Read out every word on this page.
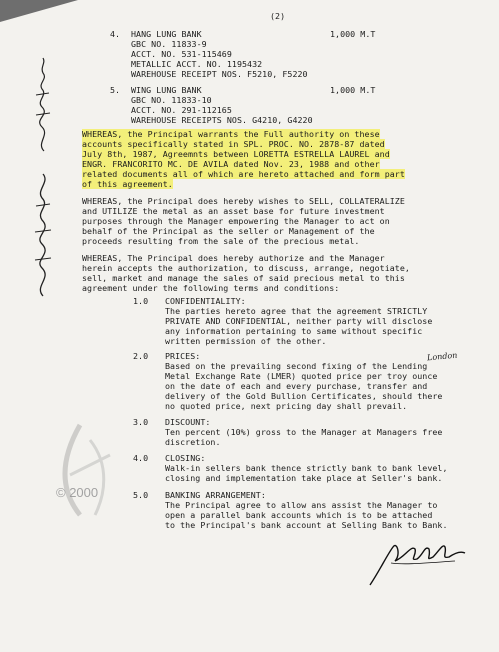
(2)

4. HANG LUNG BANK	1,000 M.T

GBC NO. 11833-9

ACCT. NO. 531-115469

METALLIC ACCT. NO. 1195432

WAREHOUSE RECEIPT NOS. F5210, F5220

5. WING LUNG BANK	1,000 M.T

GBC NO. 11833-10

ACCT. NO. 291-112165

WAREHOUSE RECEIPTS NOS. G4210, G4220

WHEREAS, the Principal warrants the Full authority on these

accounts specifically stated in SPL. PROC. NO. 2878-87 dated

July 8th, 1987, Agreemnts between LORETTA ESTRELLA LAUREL and

ENGR. FRANCORITO MC. DE AVILA dated Nov. 23, 1988 and other

related documents all of which are hereto attached and form part

of this agreement.

WHEREAS, the Principal does hereby wishes to SELL, COLLATERALIZE

and UTILIZE the metal as an asset base for future investment

purposes through the Manager empowering the Manager to act on

behalf of the Principal as the seller or Management of the

proceeds resulting from the sale of the precious metal.

WHEREAS, The Principal does hereby authorize and the Manager

herein accepts the authorization, to discuss, arrange, negotiate,

sell, market and manage the sales of said precious metal to this

agreement under the following terms and conditions:

1.0 CONFIDENTIALITY:

The parties hereto agree that the agreement STRICTLY

PRIVATE AND CONFIDENTIAL, neither party will disclose

any information pertaining to same without specific

written permission of the other.

2.0 PRICES:

Based on the prevailing second fixing of the Lending

Metal Exchange Rate (LMER) quoted price per troy ounce

on the date of each and every purchase, transfer and

delivery of the Gold Bullion Certificates, should there

no quoted price, next pricing day shall prevail.

London

3.0 DISCOUNT:

Ten percent (10%) gross to the Manager at Managers free

discretion.

4.0 CLOSING:

Walk-in sellers bank thence strictly bank to bank level,

closing and implementation take place at Seller's bank.

5.0 BANKING ARRANGEMENT:

The Principal agree to allow ans assist the Manager to

open a parallel bank accounts which is to be attached

to the Principal's bank account at Selling Bank to Bank.

© 2000
